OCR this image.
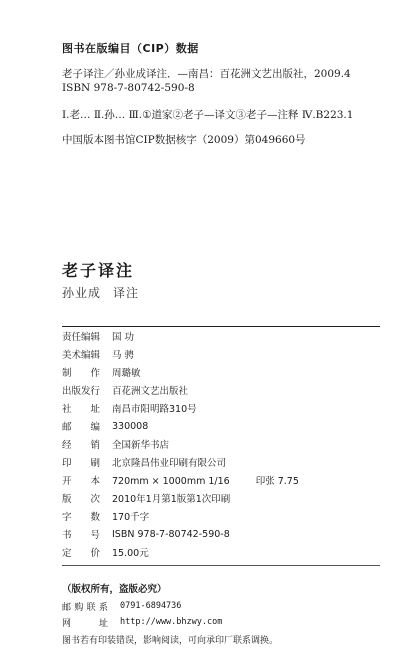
图书在版编目（CIP）数据
老子译注／孙业成译注．—南昌：百花洲文艺出版社，2009.4
ISBN 978-7-80742-590-8
Ⅰ.老… Ⅱ.孙… Ⅲ.①道家②老子—译文③老子—注释 Ⅳ.B223.1
中国版本图书馆CIP数据核字（2009）第049660号
老子译注
孙业成 译注
责任编辑 国 功
美术编辑 马 骋
制作 周璐敏
出版发行 百花洲文艺出版社
社址 南昌市阳明路310号
邮编 330008
经销 全国新华书店
印刷 北京隆昌伟业印刷有限公司
开本 720mm × 1000mm 1/16	印张 7.75
版次 2010年1月第1版第1次印刷
字数 170千字
书号 ISBN 978-7-80742-590-8
定价 15.00元
（版权所有，盗版必究）
邮购联系 0791-6894736
网址 http://www.bhzwy.com
图书若有印装错误，影响阅读，可向承印厂联系调换。
